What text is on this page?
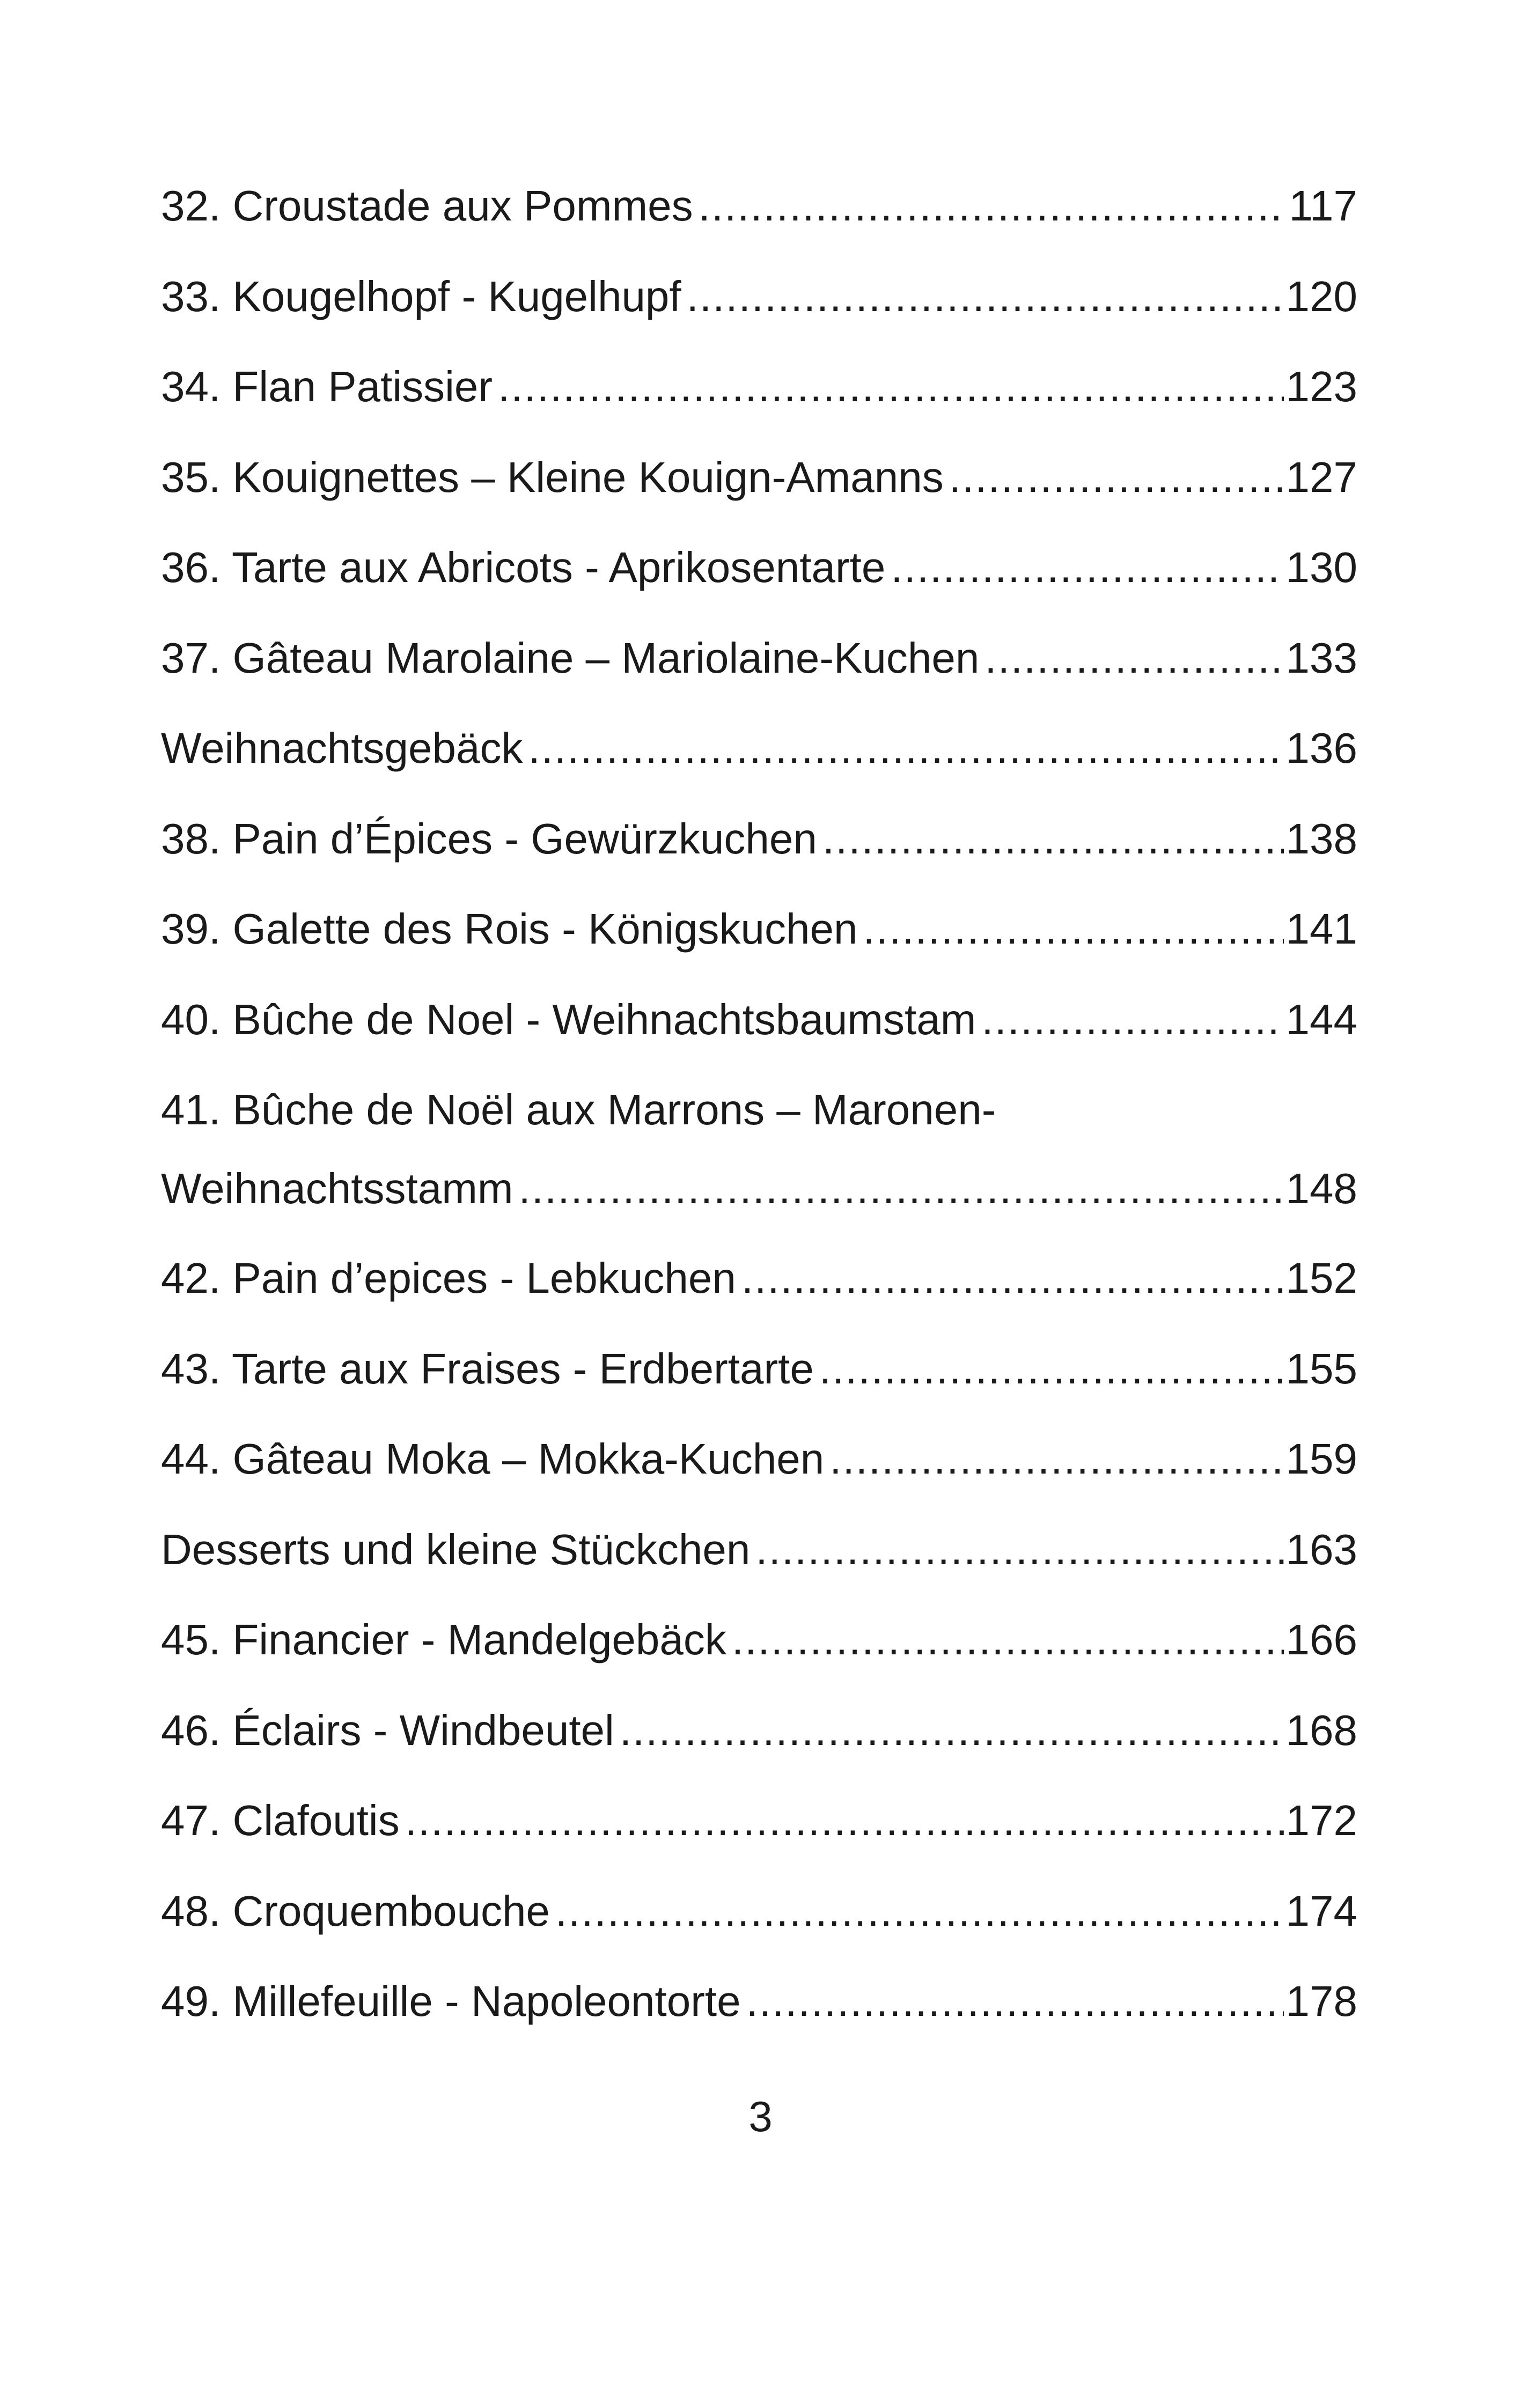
32. Croustade aux Pommes .....	117
33. Kougelhopf - Kugelhupf .....	120
34. Flan Patissier .....	123
35. Kouignettes – Kleine Kouign-Amanns .....	127
36. Tarte aux Abricots - Aprikosentarte .....	130
37. Gâteau Marolaine – Mariolaine-Kuchen .....	133
Weihnachtsgebäck .....	136
38. Pain d’Épices - Gewürzkuchen .....	138
39. Galette des Rois - Königskuchen .....	141
40. Bûche de Noel - Weihnachtsbaumstam .....	144
41. Bûche de Noël aux Marrons – Maronen-
Weihnachtsstamm .....	148
42. Pain d’epices - Lebkuchen .....	152
43. Tarte aux Fraises - Erdbertarte .....	155
44. Gâteau Moka – Mokka-Kuchen .....	159
Desserts und kleine Stückchen .....	163
45. Financier - Mandelgebäck .....	166
46. Éclairs - Windbeutel .....	168
47. Clafoutis .....	172
48. Croquembouche .....	174
49. Millefeuille - Napoleontorte .....	178
3
